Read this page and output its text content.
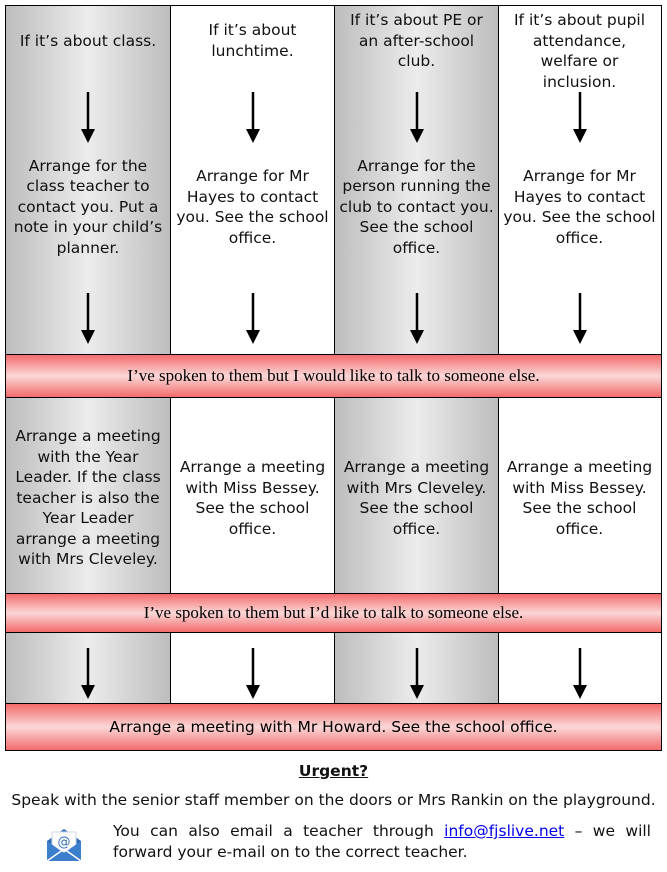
If it’s about class.
Arrange for the class teacher to contact you. Put a note in your child’s planner.
Arrange a meeting with the Year Leader. If the class teacher is also the Year Leader arrange a meeting with Mrs Cleveley.
If it’s about lunchtime.
Arrange for Mr Hayes to contact you. See the school office.
Arrange a meeting with Miss Bessey. See the school office.
If it’s about PE or an after-school club.
Arrange for the person running the club to contact you. See the school office.
Arrange a meeting with Mrs Cleveley. See the school office.
If it’s about pupil attendance, welfare or inclusion.
Arrange for Mr Hayes to contact you. See the school office.
Arrange a meeting with Miss Bessey. See the school office.
I’ve spoken to them but I would like to talk to someone else.
I’ve spoken to them but I’d like to talk to someone else.
Arrange a meeting with Mr Howard. See the school office.
Urgent?
Speak with the senior staff member on the doors or Mrs Rankin on the playground.
@
You can also email a teacher through info@fjslive.net – we will forward your e-mail on to the correct teacher.
